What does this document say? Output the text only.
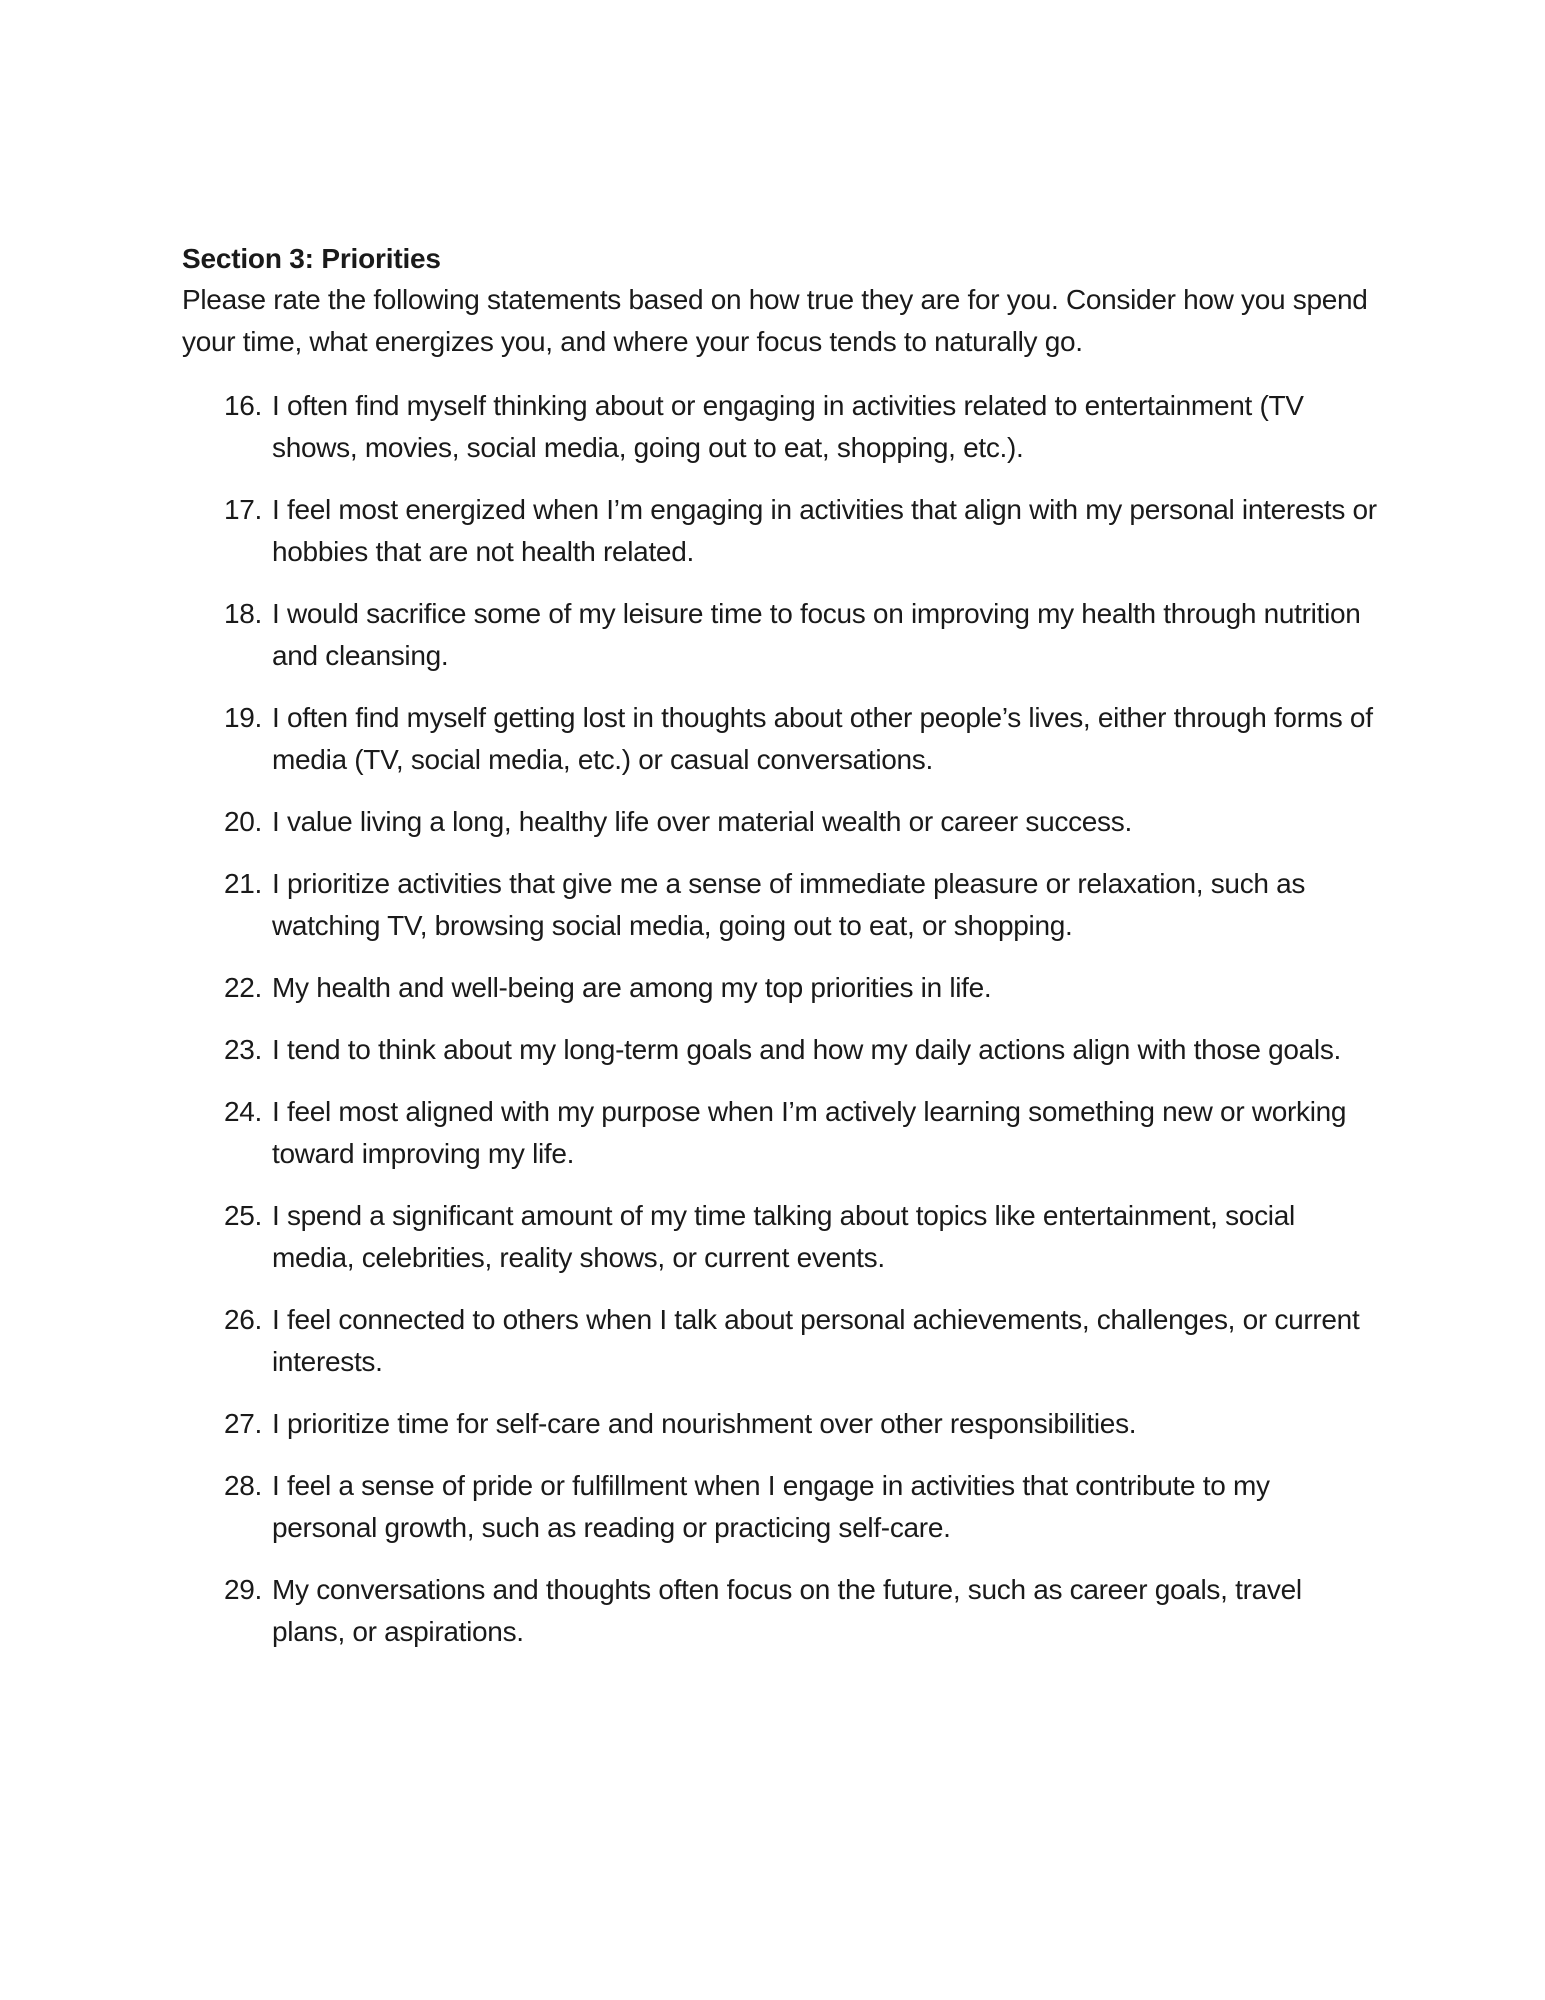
Section 3: Priorities

Please rate the following statements based on how true they are for you. Consider how you spend your time, what energizes you, and where your focus tends to naturally go.

16. I often find myself thinking about or engaging in activities related to entertainment (TV shows, movies, social media, going out to eat, shopping, etc.).
17. I feel most energized when I’m engaging in activities that align with my personal interests or hobbies that are not health related.
18. I would sacrifice some of my leisure time to focus on improving my health through nutrition and cleansing.
19. I often find myself getting lost in thoughts about other people’s lives, either through forms of media (TV, social media, etc.) or casual conversations.
20. I value living a long, healthy life over material wealth or career success.
21. I prioritize activities that give me a sense of immediate pleasure or relaxation, such as watching TV, browsing social media, going out to eat, or shopping.
22. My health and well-being are among my top priorities in life.
23. I tend to think about my long-term goals and how my daily actions align with those goals.
24. I feel most aligned with my purpose when I’m actively learning something new or working toward improving my life.
25. I spend a significant amount of my time talking about topics like entertainment, social media, celebrities, reality shows, or current events.
26. I feel connected to others when I talk about personal achievements, challenges, or current interests.
27. I prioritize time for self-care and nourishment over other responsibilities.
28. I feel a sense of pride or fulfillment when I engage in activities that contribute to my personal growth, such as reading or practicing self-care.
29. My conversations and thoughts often focus on the future, such as career goals, travel plans, or aspirations.
